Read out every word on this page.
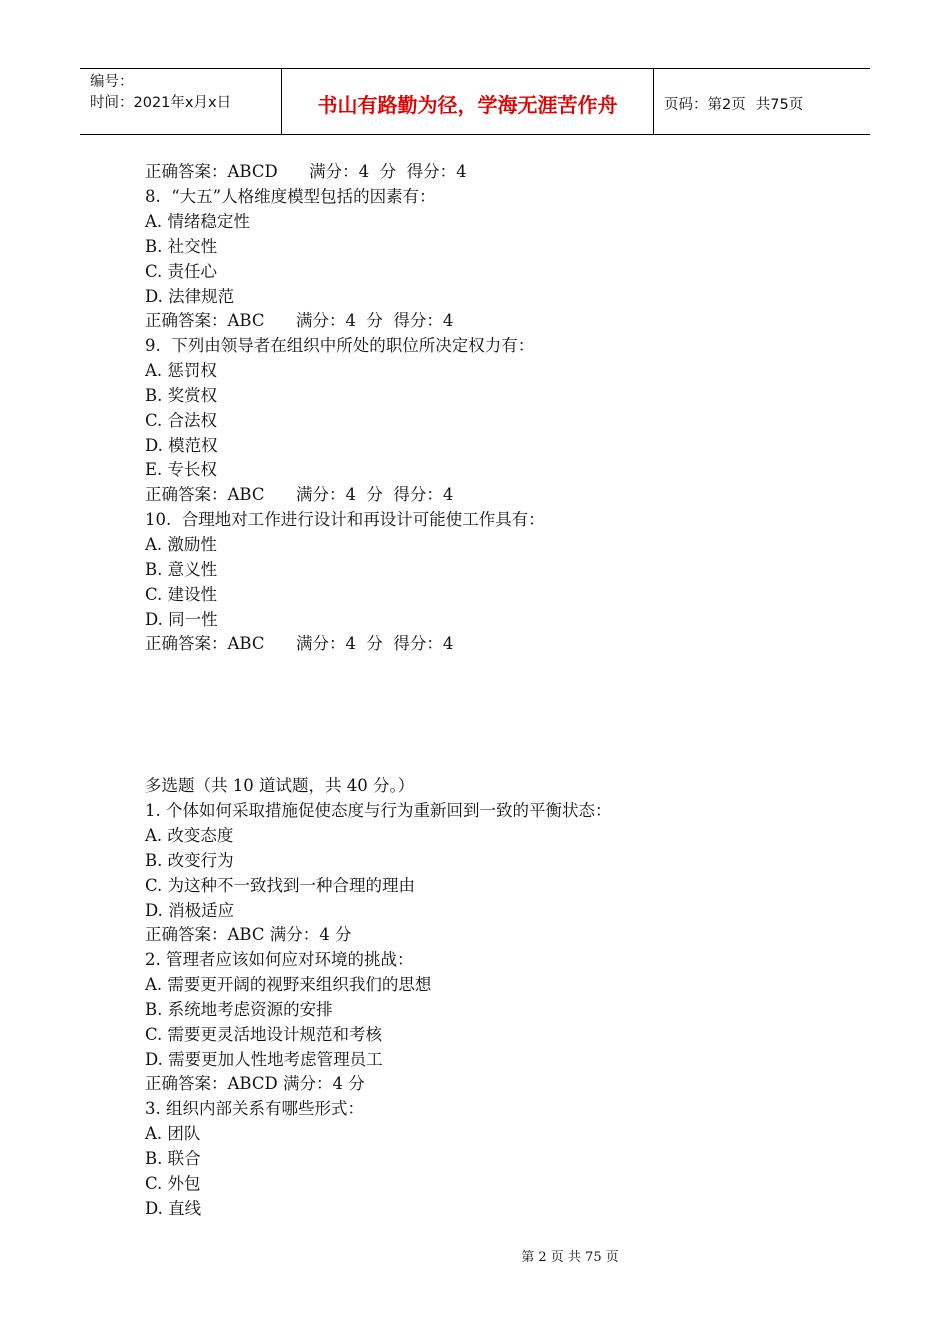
编号：
时间：2021年x月x日	书山有路勤为径，学海无涯苦作舟	页码：第2页 共75页
正确答案：ABCD      满分：4  分  得分：4
8.  “大五”人格维度模型包括的因素有：
A. 情绪稳定性
B. 社交性
C. 责任心
D. 法律规范
正确答案：ABC      满分：4  分  得分：4
9.  下列由领导者在组织中所处的职位所决定权力有：
A. 惩罚权
B. 奖赏权
C. 合法权
D. 模范权
E. 专长权
正确答案：ABC      满分：4  分  得分：4
10.  合理地对工作进行设计和再设计可能使工作具有：
A. 激励性
B. 意义性
C. 建设性
D. 同一性
正确答案：ABC      满分：4  分  得分：4
多选题（共 10 道试题，共 40 分。）
1. 个体如何采取措施促使态度与行为重新回到一致的平衡状态：
A. 改变态度
B. 改变行为
C. 为这种不一致找到一种合理的理由
D. 消极适应
正确答案：ABC 满分：4 分
2. 管理者应该如何应对环境的挑战：
A. 需要更开阔的视野来组织我们的思想
B. 系统地考虑资源的安排
C. 需要更灵活地设计规范和考核
D. 需要更加人性地考虑管理员工
正确答案：ABCD 满分：4 分
3. 组织内部关系有哪些形式：
A. 团队
B. 联合
C. 外包
D. 直线
第 2 页 共 75 页
